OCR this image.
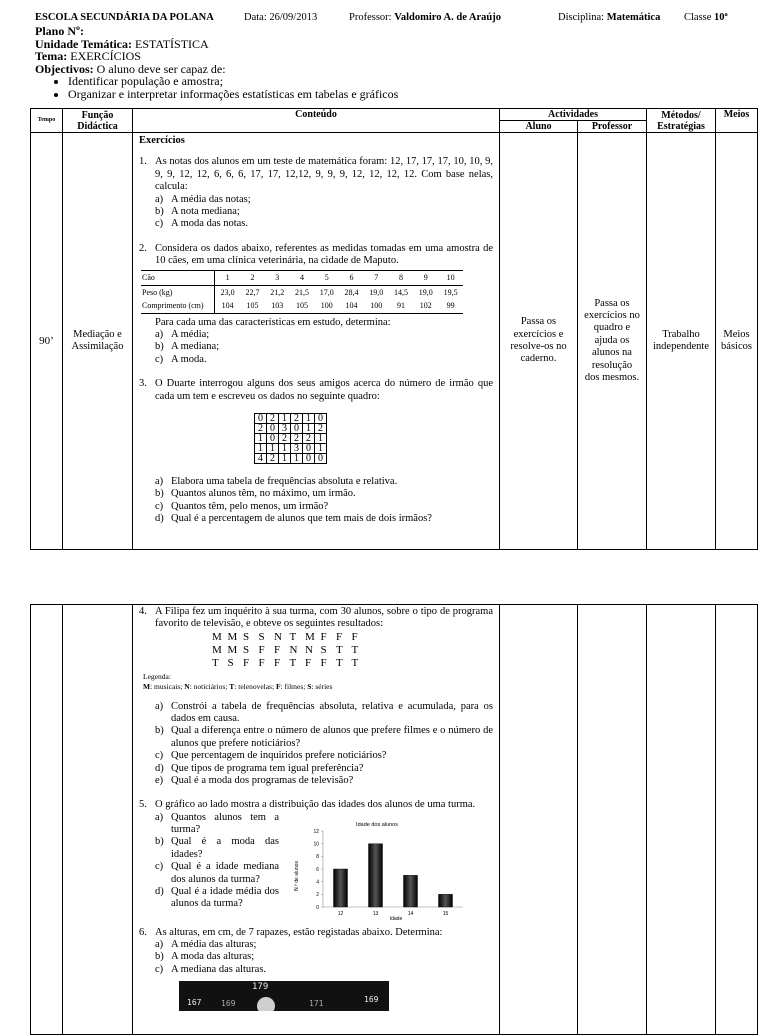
ESCOLA SECUNDÁRIA DA POLANA	Data: 26/09/2013	Professor: Valdomiro A. de Araújo	Disciplina: Matemática Classe 10ª
Plano Nº:
Unidade Temática: ESTATÍSTICA
Tema: EXERCÍCIOS
Objectivos: O aluno deve ser capaz de:
• Identificar população e amostra;
• Organizar e interpretar informações estatísticas em tabelas e gráficos
Tempo	Função Didáctica	Conteúdo	Actividades	Métodos/ Estratégias	Meios
Aluno	Professor
90’	Mediação e Assimilação	
Exercícios
1. As notas dos alunos em um teste de matemática foram: 12, 17, 17, 17, 10, 10, 9, 9, 9, 12, 12, 6, 6, 6, 17, 17, 12,12, 9, 9, 9, 12, 12, 12, 12. Com base nelas, calcula:
a) A média das notas;
b) A nota mediana;
c) A moda das notas.
2. Considera os dados abaixo, referentes as medidas tomadas em uma amostra de 10 cães, em uma clínica veterinária, na cidade de Maputo.
Cão	1	2	3	4	5	6	7	8	9	10
Peso (kg)	23,0	22,7	21,2	21,5	17,0	28,4	19,0	14,5	19,0	19,5
Comprimento (cm)	104	105	103	105	100	104	100	91	102	99
Para cada uma das características em estudo, determina:
a) A média;
b) A mediana;
c) A moda.
3. O Duarte interrogou alguns dos seus amigos acerca do número de irmão que cada um tem e escreveu os dados no seguinte quadro:
0	2	1	2	1	0
2	0	3	0	1	2
1	0	2	2	2	1
1	1	1	3	0	1
4	2	1	1	0	0
a) Elabora uma tabela de frequências absoluta e relativa.
b) Quantos alunos têm, no máximo, um irmão.
c) Quantos têm, pelo menos, um irmão?
d) Qual é a percentagem de alunos que tem mais de dois irmãos?
	Passa os exercícios e resolve-os no caderno.	Passa os exercícios no quadro e ajuda os alunos na resolução dos mesmos.	Trabalho independente	Meios básicos

4. A Filipa fez um inquérito à sua turma, com 30 alunos, sobre o tipo de programa favorito de televisão, e obteve os seguintes resultados:
M M S S N T M F F F
M M S F F N N S T T
T S F F F T F F T T
Legenda:
M: musicais; N: noticiários; T: telenovelas; F: filmes; S: séries
a) Constrói a tabela de frequências absoluta, relativa e acumulada, para os dados em causa.
b) Qual a diferença entre o número de alunos que prefere filmes e o número de alunos que prefere noticiários?
c) Que percentagem de inquiridos prefere noticiários?
d) Que tipos de programa tem igual preferência?
e) Qual é a moda dos programas de televisão?
5. O gráfico ao lado mostra a distribuição das idades dos alunos de uma turma.
a) Quantos alunos tem a turma?
b) Qual é a moda das idades?
c) Qual é a idade mediana dos alunos da turma?
d) Qual é a idade média dos alunos da turma?
Idade dos alunos
N.º de alunos
Idade
0
2
4
6
8
10
12
12	13	14	15
6. As alturas, em cm, de 7 rapazes, estão registadas abaixo. Determina:
a) A média das alturas;
b) A moda das alturas;
c) A mediana das alturas.
179
167 169	171	169
